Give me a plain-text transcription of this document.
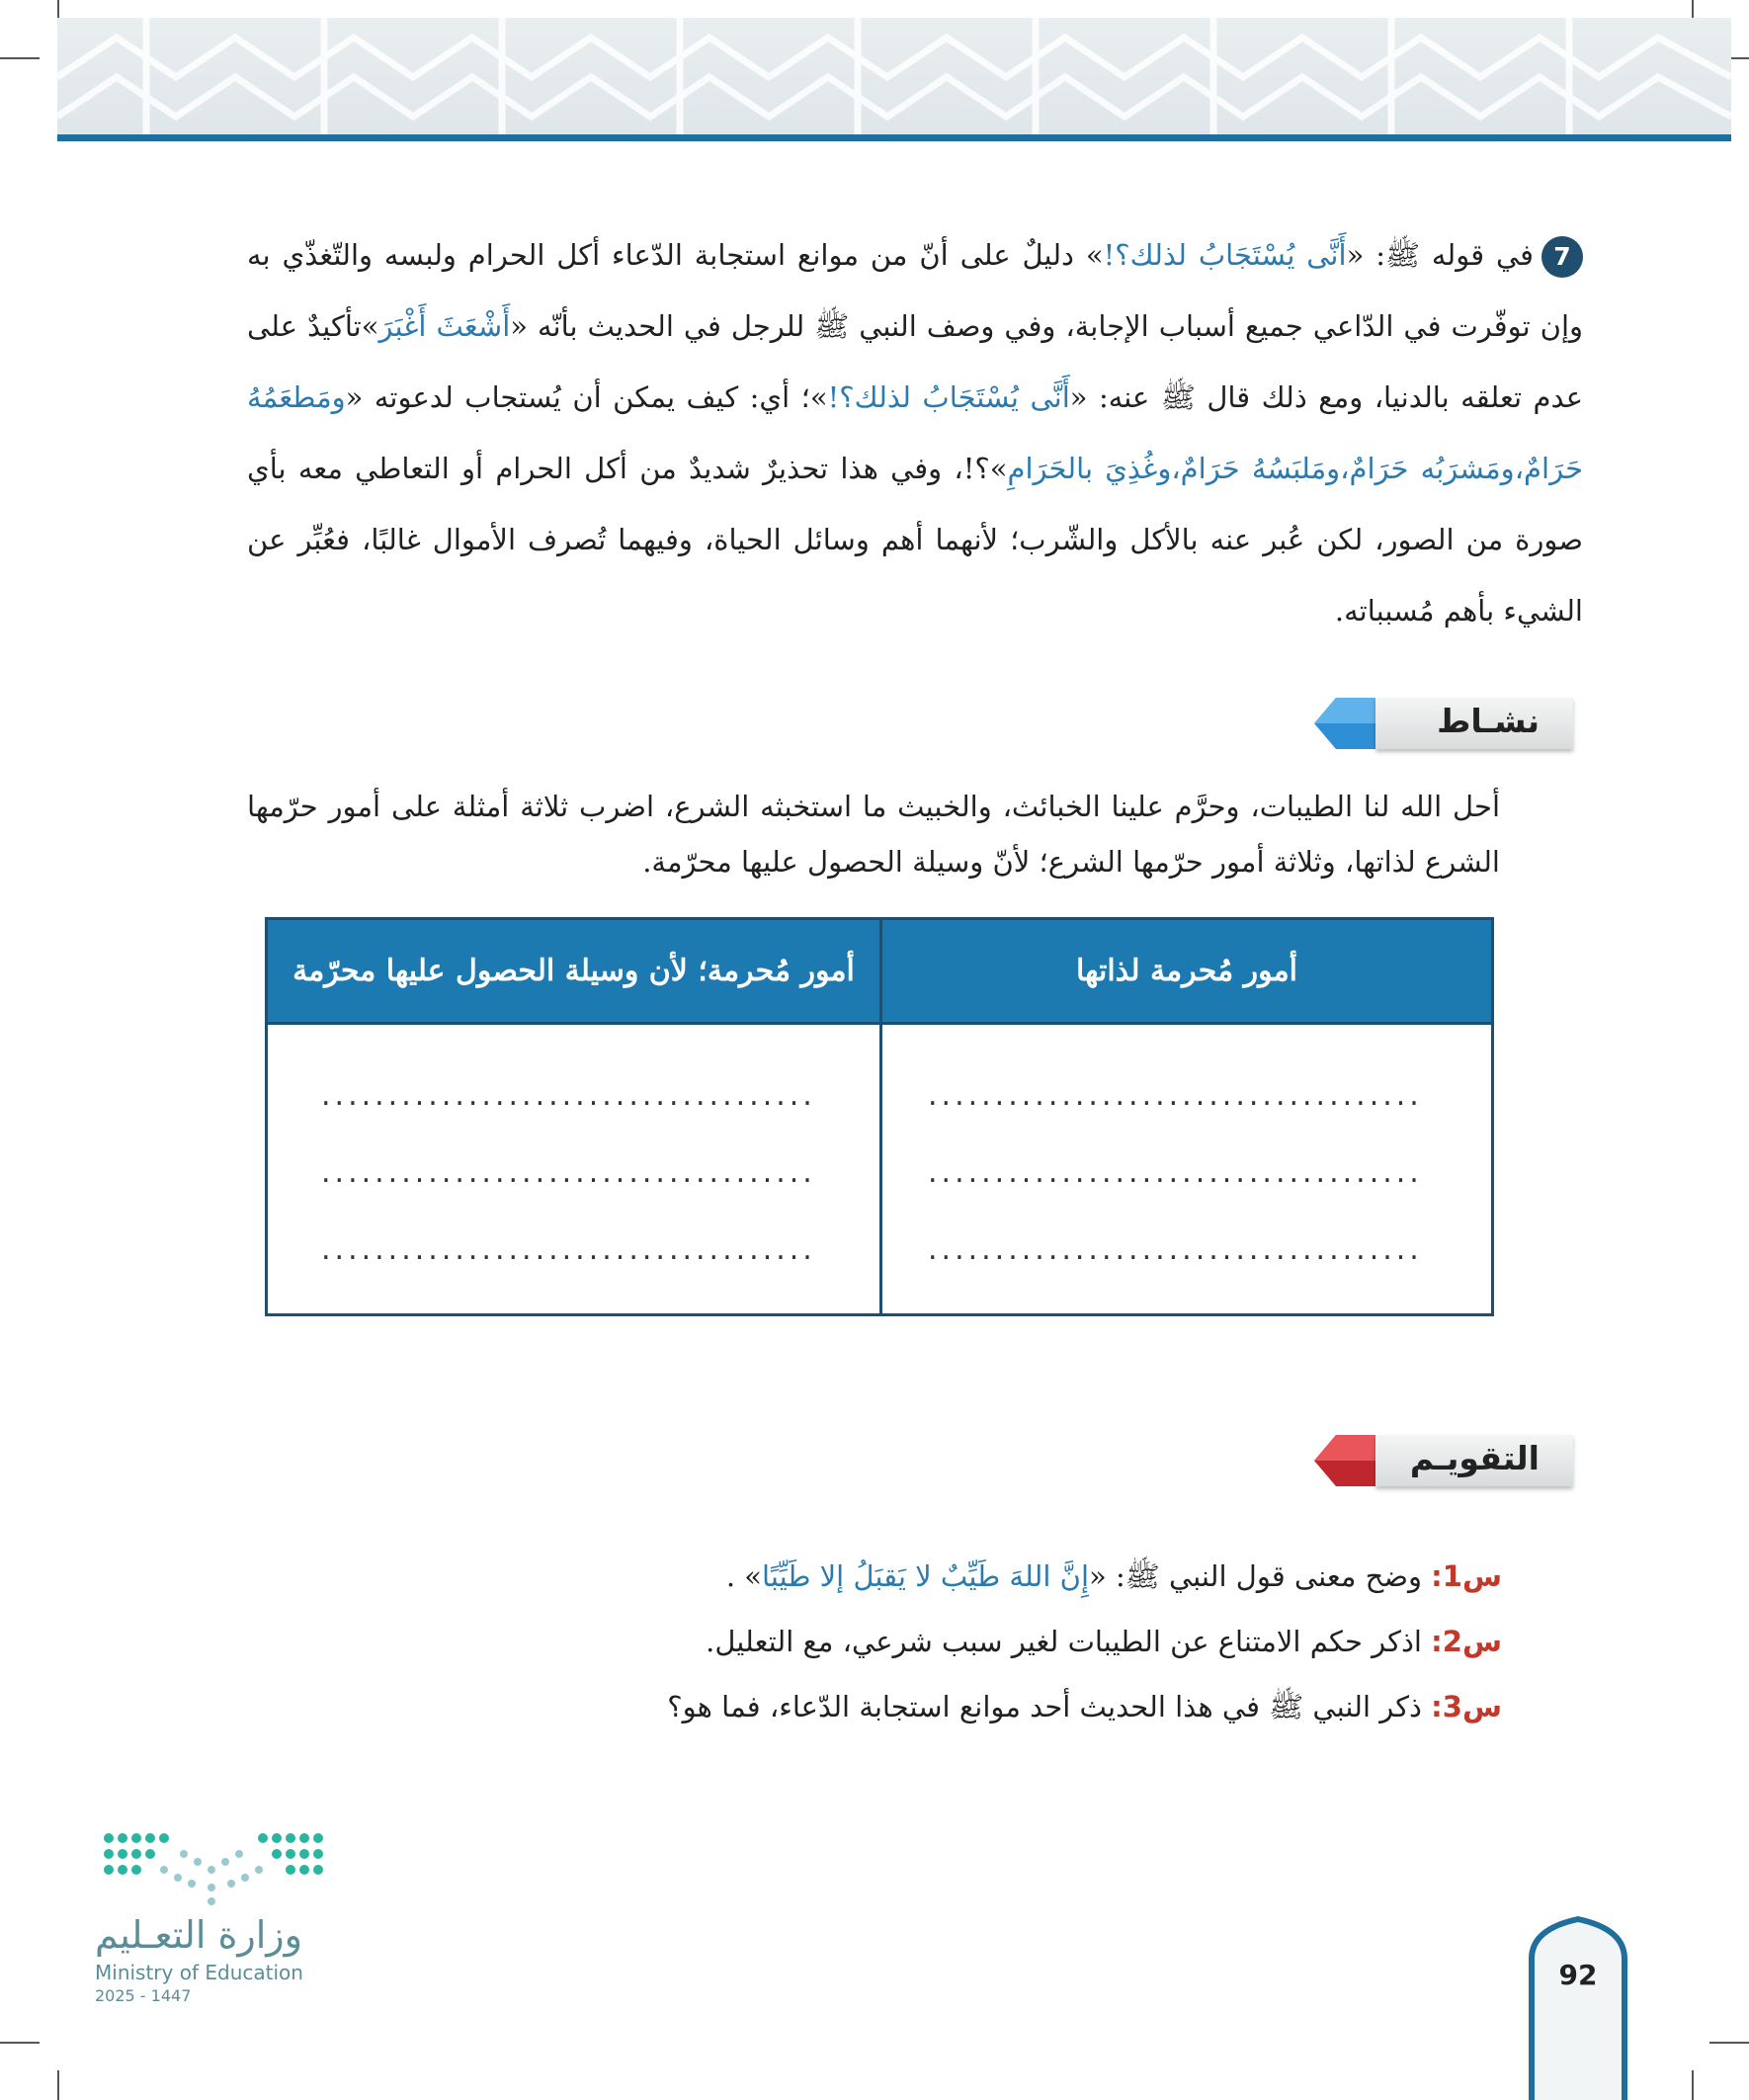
7في قوله ﷺ: «أَنَّى يُسْتَجَابُ لذلك؟!» دليلٌ على أنّ من موانع استجابة الدّعاء أكل الحرام ولبسه والتّغذّي به وإن توفّرت في الدّاعي جميع أسباب الإجابة، وفي وصف النبي ﷺ للرجل في الحديث بأنّه «أَشْعَثَ أَغْبَرَ»تأكيدٌ على عدم تعلقه بالدنيا، ومع ذلك قال ﷺ عنه: «أَنَّى يُسْتَجَابُ لذلك؟!»؛ أي: كيف يمكن أن يُستجاب لدعوته «ومَطعَمُهُ حَرَامٌ،ومَشرَبُه حَرَامٌ،ومَلبَسُهُ حَرَامٌ،وغُذِيَ بالحَرَامِ»؟!، وفي هذا تحذيرٌ شديدٌ من أكل الحرام أو التعاطي معه بأي صورة من الصور، لكن عُبر عنه بالأكل والشّرب؛ لأنهما أهم وسائل الحياة، وفيهما تُصرف الأموال غالبًا، فعُبِّر عن الشيء بأهم مُسبباته.
نشـاط
أحل الله لنا الطيبات، وحرَّم علينا الخبائث، والخبيث ما استخبثه الشرع، اضرب ثلاثة أمثلة على أمور حرّمها الشرع لذاتها، وثلاثة أمور حرّمها الشرع؛ لأنّ وسيلة الحصول عليها محرّمة.
أمور مُحرمة؛ لأن وسيلة الحصول عليها محرّمة	أمور مُحرمة لذاتها
.....................................
.....................................
.....................................
.....................................
.....................................
.....................................
التقويـم
س1: وضح معنى قول النبي ﷺ: «إِنَّ اللهَ طَيِّبٌ لا يَقبَلُ إلا طَيِّبًا» .
س2: اذكر حكم الامتناع عن الطيبات لغير سبب شرعي، مع التعليل.
س3: ذكر النبي ﷺ في هذا الحديث أحد موانع استجابة الدّعاء، فما هو؟
وزارة التعـليم
Ministry of Education
2025 - 1447
92
